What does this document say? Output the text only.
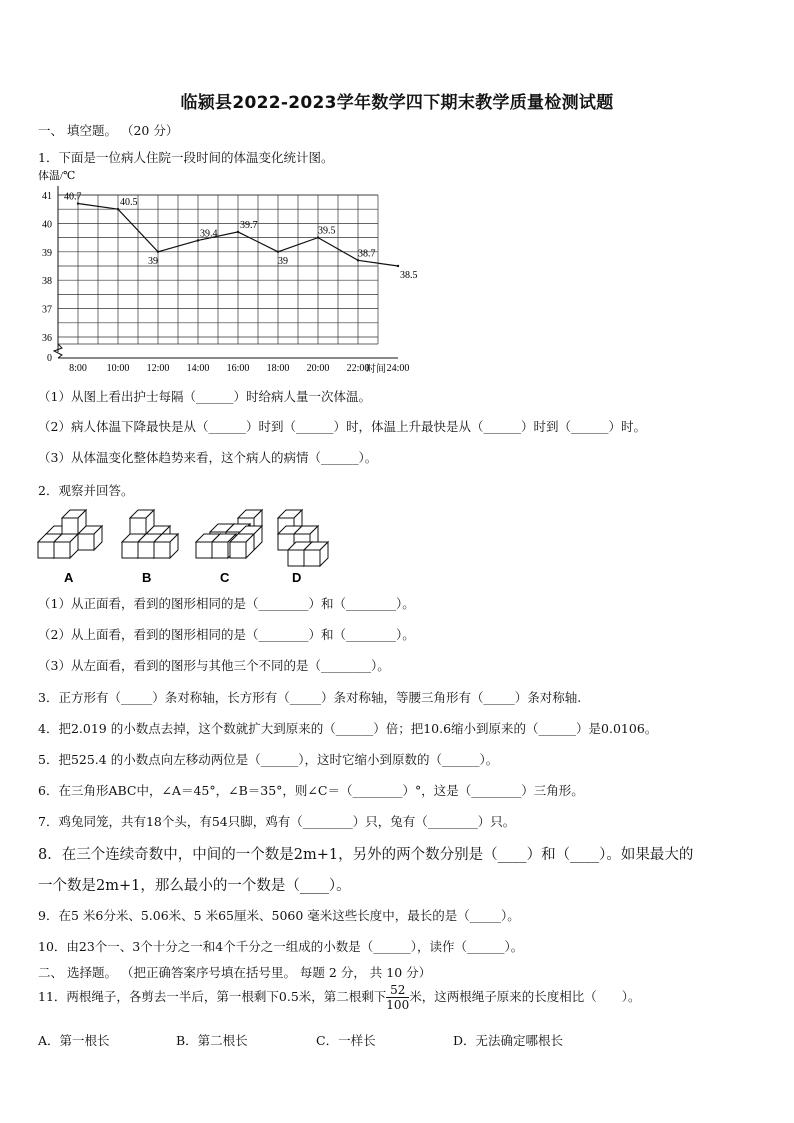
临颍县2022-2023学年数学四下期末教学质量检测试题
一、 填空题。 （20 分）
1．下面是一位病人住院一段时间的体温变化统计图。
体温/℃
41
40
39
38
37
36
0
8:00 10:00 12:00 14:00 16:00 18:00 20:00 22:00 24:00
40.7
40.5
39
39.4
39.7
39
39.5
38.7
38.5
时间
（1）从图上看出护士每隔（______）时给病人量一次体温。
（2）病人体温下降最快是从（______）时到（______）时，体温上升最快是从（______）时到（______）时。
（3）从体温变化整体趋势来看，这个病人的病情（______）。
2．观察并回答。
A	B	C	D
（1）从正面看，看到的图形相同的是（________）和（________）。
（2）从上面看，看到的图形相同的是（________）和（________）。
（3）从左面看，看到的图形与其他三个不同的是（________）。
3．正方形有（_____）条对称轴，长方形有（_____）条对称轴，等腰三角形有（_____）条对称轴.
4．把2.019 的小数点去掉，这个数就扩大到原来的（______）倍；把10.6缩小到原来的（______）是0.0106。
5．把525.4 的小数点向左移动两位是（______），这时它缩小到原数的（______）。
6．在三角形ABC中，∠A＝45°，∠B＝35°，则∠C＝（________）°，这是（________）三角形。
7．鸡兔同笼，共有18个头，有54只脚，鸡有（________）只，兔有（________）只。
8．在三个连续奇数中，中间的一个数是2m+1，另外的两个数分别是（____）和（____）。如果最大的
一个数是2m+1，那么最小的一个数是（____）。
9．在5 米6分米、5.06米、5 米65厘米、5060 毫米这些长度中，最长的是（_____）。
10．由23个一、3个十分之一和4个千分之一组成的小数是（______），读作（______）。
二、 选择题。 （把正确答案序号填在括号里。 每题 2 分， 共 10 分）
11．两根绳子，各剪去一半后，第一根剩下0.5米，第二根剩下 $\frac{52}{100}$ 米，这两根绳子原来的长度相比（　　）。
A．第一根长	B．第二根长	C．一样长	D．无法确定哪根长
